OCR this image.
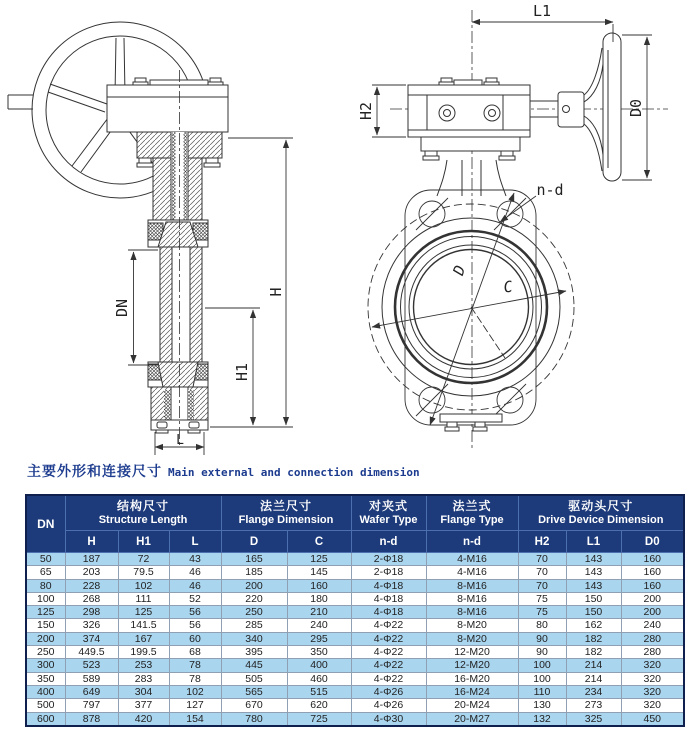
H
H1
DN
L
L1
D0
H2
n-d
D
C
主要外形和连接尺寸 Main external and connection dimension
DN	
结构尺寸
Structure Length

法兰尺寸
Flange Dimension

对夹式
Wafer Type

法兰式
Flange Type

驱动头尺寸
Drive Device Dimension

	H	H1	L	D	C	n-d	n-d	H2	L1	D0
50	187	72	43	165	125	2-Φ18	4-M16	70	143	160
65	203	79.5	46	185	145	2-Φ18	4-M16	70	143	160
80	228	102	46	200	160	4-Φ18	8-M16	70	143	160
100	268	111	52	220	180	4-Φ18	8-M16	75	150	200
125	298	125	56	250	210	4-Φ18	8-M16	75	150	200
150	326	141.5	56	285	240	4-Φ22	8-M20	80	162	240
200	374	167	60	340	295	4-Φ22	8-M20	90	182	280
250	449.5	199.5	68	395	350	4-Φ22	12-M20	90	182	280
300	523	253	78	445	400	4-Φ22	12-M20	100	214	320
350	589	283	78	505	460	4-Φ22	16-M20	100	214	320
400	649	304	102	565	515	4-Φ26	16-M24	110	234	320
500	797	377	127	670	620	4-Φ26	20-M24	130	273	320
600	878	420	154	780	725	4-Φ30	20-M27	132	325	450
